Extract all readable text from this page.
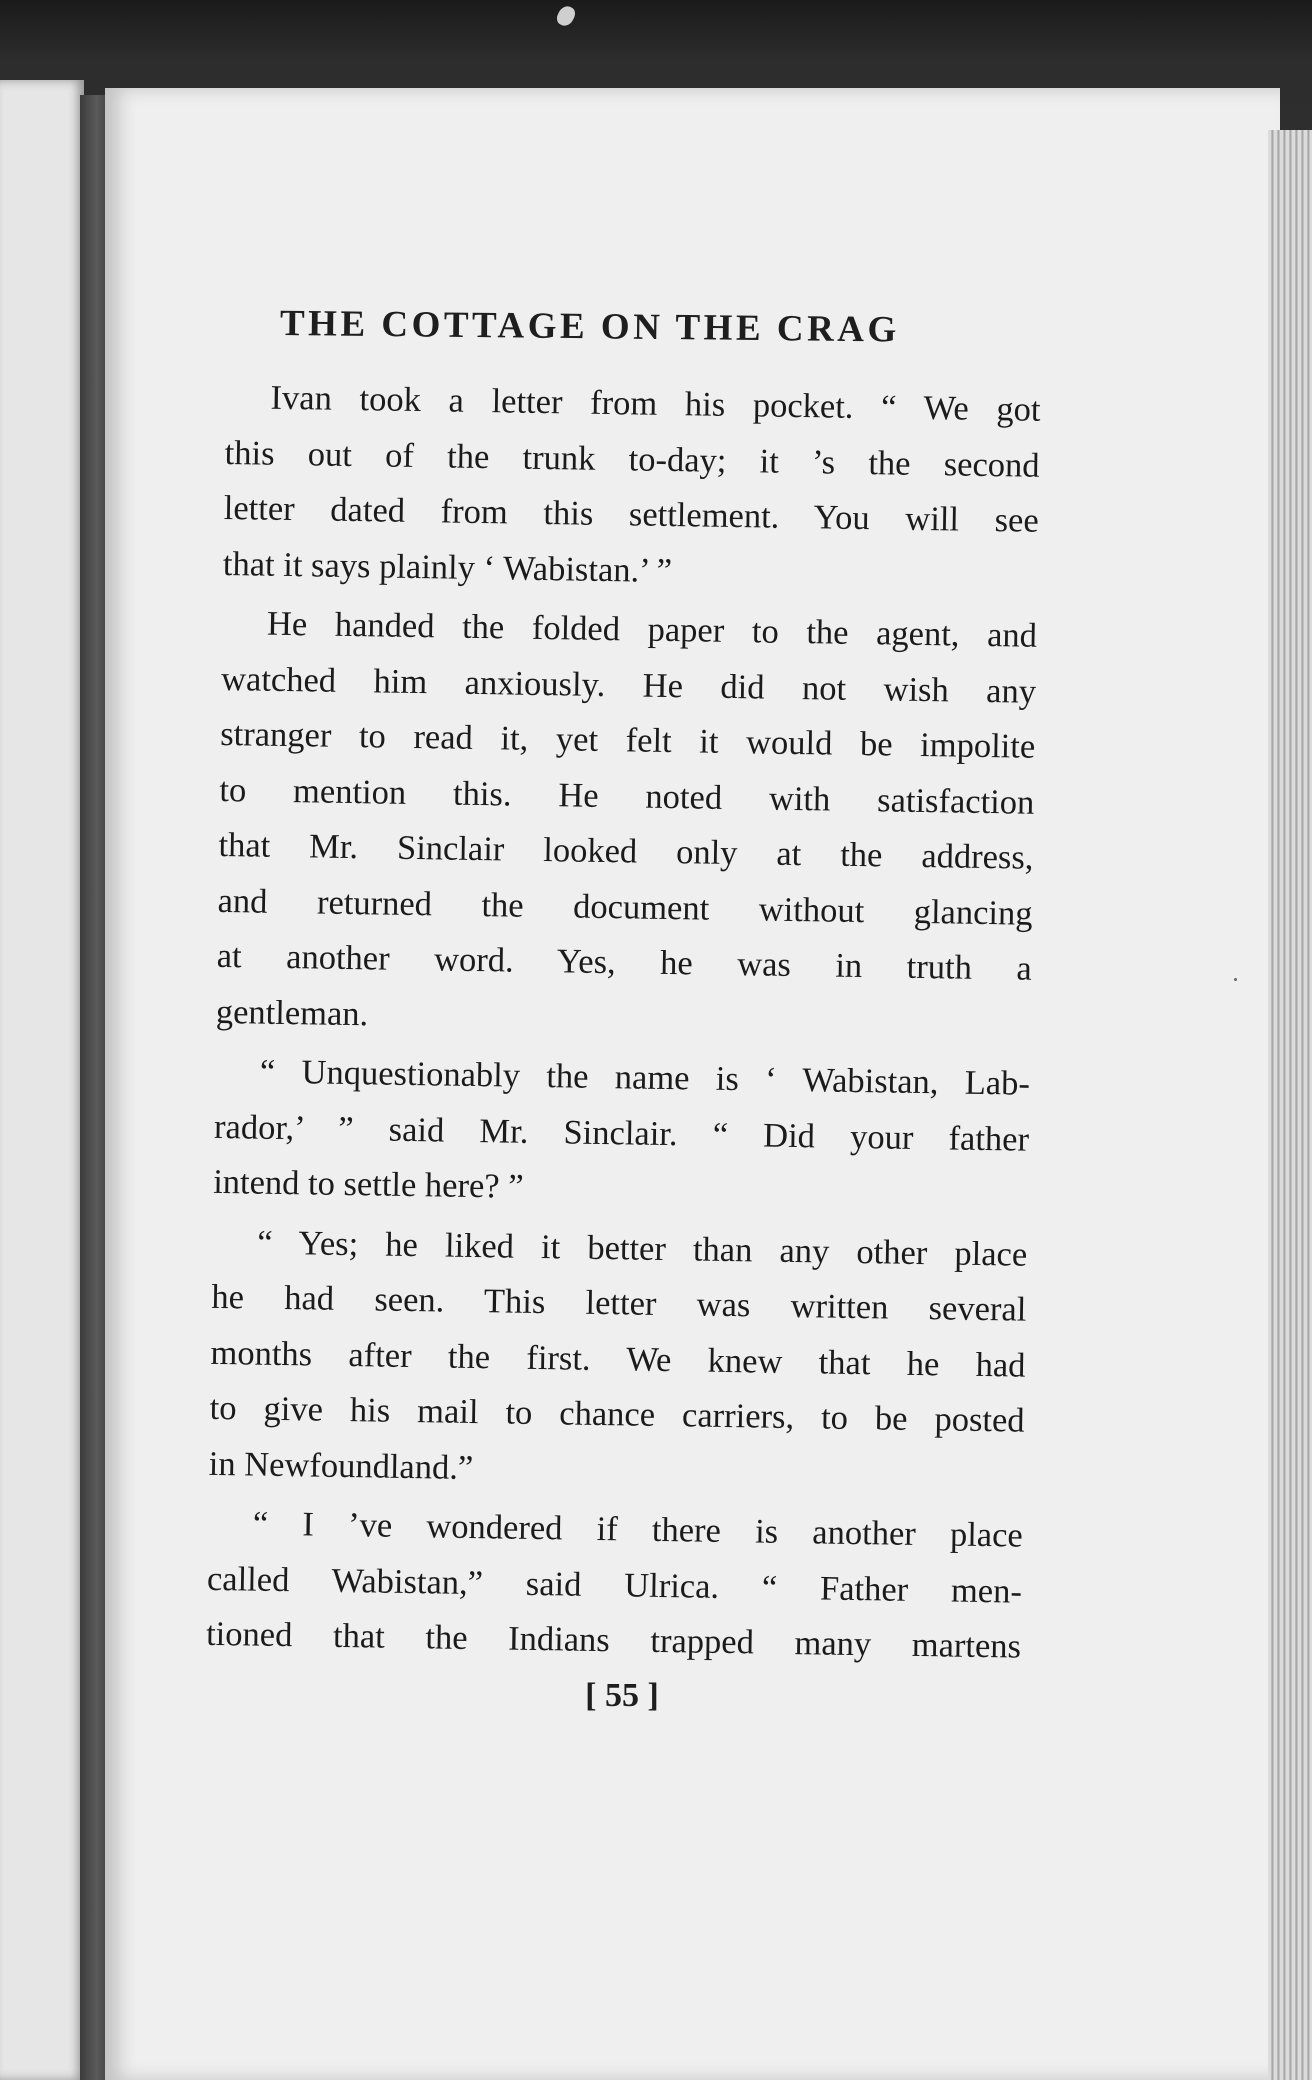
THE COTTAGE ON THE CRAG
Ivan took a letter from his pocket. “ We got
this out of the trunk to-day; it ’s the second
letter dated from this settlement. You will see
that it says plainly ‘ Wabistan.’ ”
He handed the folded paper to the agent, and
watched him anxiously. He did not wish any
stranger to read it, yet felt it would be impolite
to mention this. He noted with satisfaction
that Mr. Sinclair looked only at the address,
and returned the document without glancing
at another word. Yes, he was in truth a
gentleman.
“ Unquestionably the name is ‘ Wabistan, Lab-
rador,’ ” said Mr. Sinclair. “ Did your father
intend to settle here? ”
“ Yes; he liked it better than any other place
he had seen. This letter was written several
months after the first. We knew that he had
to give his mail to chance carriers, to be posted
in Newfoundland.”
“ I ’ve wondered if there is another place
called Wabistan,” said Ulrica. “ Father men-
tioned that the Indians trapped many martens
[ 55 ]
